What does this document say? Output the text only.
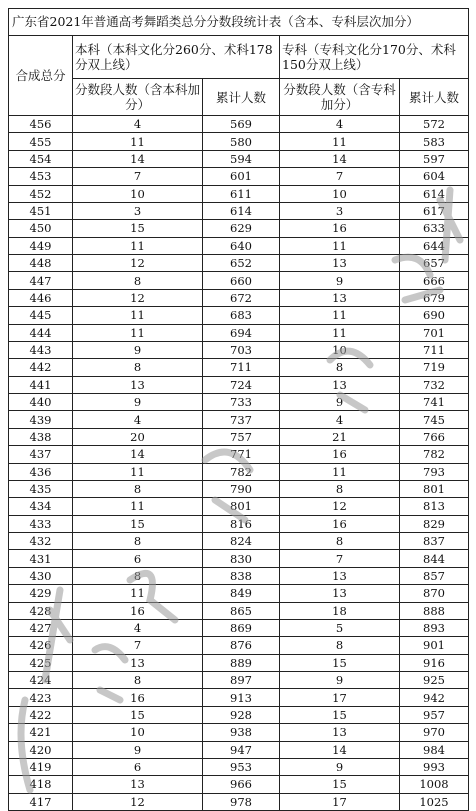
广东省2021年普通高考舞蹈类总分分数段统计表（含本、专科层次加分）
合成总分	本科（本科文化分260分、术科178分双上线）		专科（专科文化分170分、术科150分双上线）	
	分数段人数（含本科加分）	累计人数	分数段人数（含专科加分）	累计人数
456	4	569	4	572
455	11	580	11	583
454	14	594	14	597
453	7	601	7	604
452	10	611	10	614
451	3	614	3	617
450	15	629	16	633
449	11	640	11	644
448	12	652	13	657
447	8	660	9	666
446	12	672	13	679
445	11	683	11	690
444	11	694	11	701
443	9	703	10	711
442	8	711	8	719
441	13	724	13	732
440	9	733	9	741
439	4	737	4	745
438	20	757	21	766
437	14	771	16	782
436	11	782	11	793
435	8	790	8	801
434	11	801	12	813
433	15	816	16	829
432	8	824	8	837
431	6	830	7	844
430	8	838	13	857
429	11	849	13	870
428	16	865	18	888
427	4	869	5	893
426	7	876	8	901
425	13	889	15	916
424	8	897	9	925
423	16	913	17	942
422	15	928	15	957
421	10	938	13	970
420	9	947	14	984
419	6	953	9	993
418	13	966	15	1008
417	12	978	17	1025
